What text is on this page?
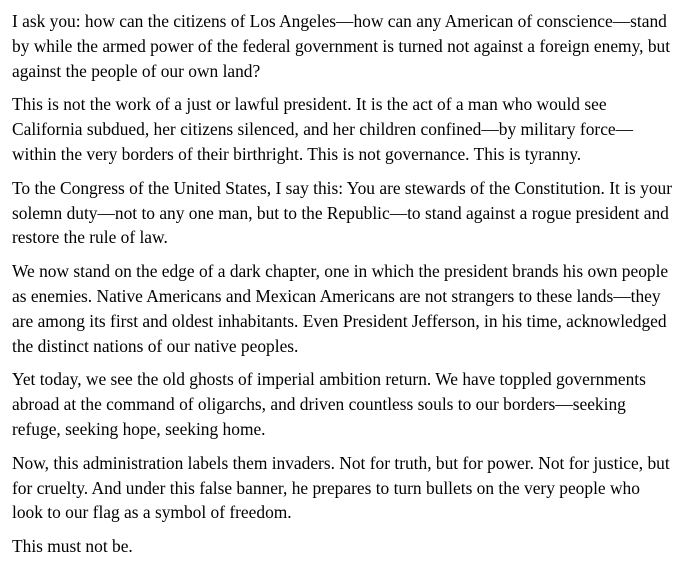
I ask you: how can the citizens of Los Angeles—how can any American of conscience—stand by while the armed power of the federal government is turned not against a foreign enemy, but against the people of our own land?

This is not the work of a just or lawful president. It is the act of a man who would see California subdued, her citizens silenced, and her children confined—by military force—within the very borders of their birthright. This is not governance. This is tyranny.

To the Congress of the United States, I say this: You are stewards of the Constitution. It is your solemn duty—not to any one man, but to the Republic—to stand against a rogue president and restore the rule of law.

We now stand on the edge of a dark chapter, one in which the president brands his own people as enemies. Native Americans and Mexican Americans are not strangers to these lands—they are among its first and oldest inhabitants. Even President Jefferson, in his time, acknowledged the distinct nations of our native peoples.

Yet today, we see the old ghosts of imperial ambition return. We have toppled governments abroad at the command of oligarchs, and driven countless souls to our borders—seeking refuge, seeking hope, seeking home.

Now, this administration labels them invaders. Not for truth, but for power. Not for justice, but for cruelty. And under this false banner, he prepares to turn bullets on the very people who look to our flag as a symbol of freedom.

This must not be.
